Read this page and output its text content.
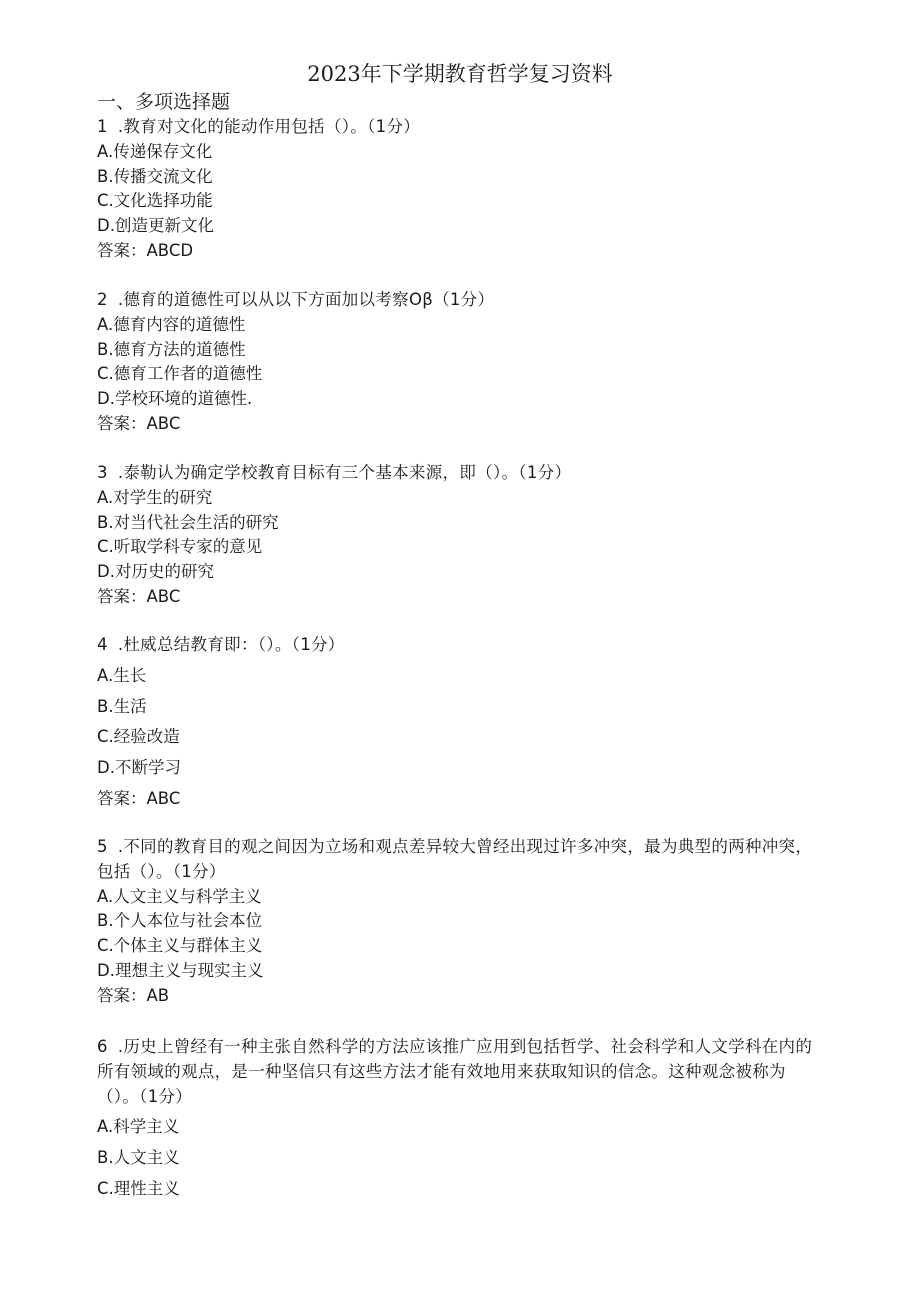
2023年下学期教育哲学复习资料
一、多项选择题
1 .教育对文化的能动作用包括（）。（1分）
A.传递保存文化
B.传播交流文化
C.文化选择功能
D.创造更新文化
答案：ABCD
2 .德育的道德性可以从以下方面加以考察Oβ（1分）
A.德育内容的道德性
B.德育方法的道德性
C.德育工作者的道德性
D.学校环境的道德性.
答案：ABC
3 .泰勒认为确定学校教育目标有三个基本来源，即（）。（1分）
A.对学生的研究
B.对当代社会生活的研究
C.听取学科专家的意见
D.对历史的研究
答案：ABC
4 .杜威总结教育即：（）。（1分）
A.生长
B.生活
C.经验改造
D.不断学习
答案：ABC
5 .不同的教育目的观之间因为立场和观点差异较大曾经出现过许多冲突，最为典型的两种冲突，包括（）。（1分）
A.人文主义与科学主义
B.个人本位与社会本位
C.个体主义与群体主义
D.理想主义与现实主义
答案：AB
6 .历史上曾经有一种主张自然科学的方法应该推广应用到包括哲学、社会科学和人文学科在内的所有领域的观点，是一种坚信只有这些方法才能有效地用来获取知识的信念。这种观念被称为（）。（1分）
A.科学主义
B.人文主义
C.理性主义
